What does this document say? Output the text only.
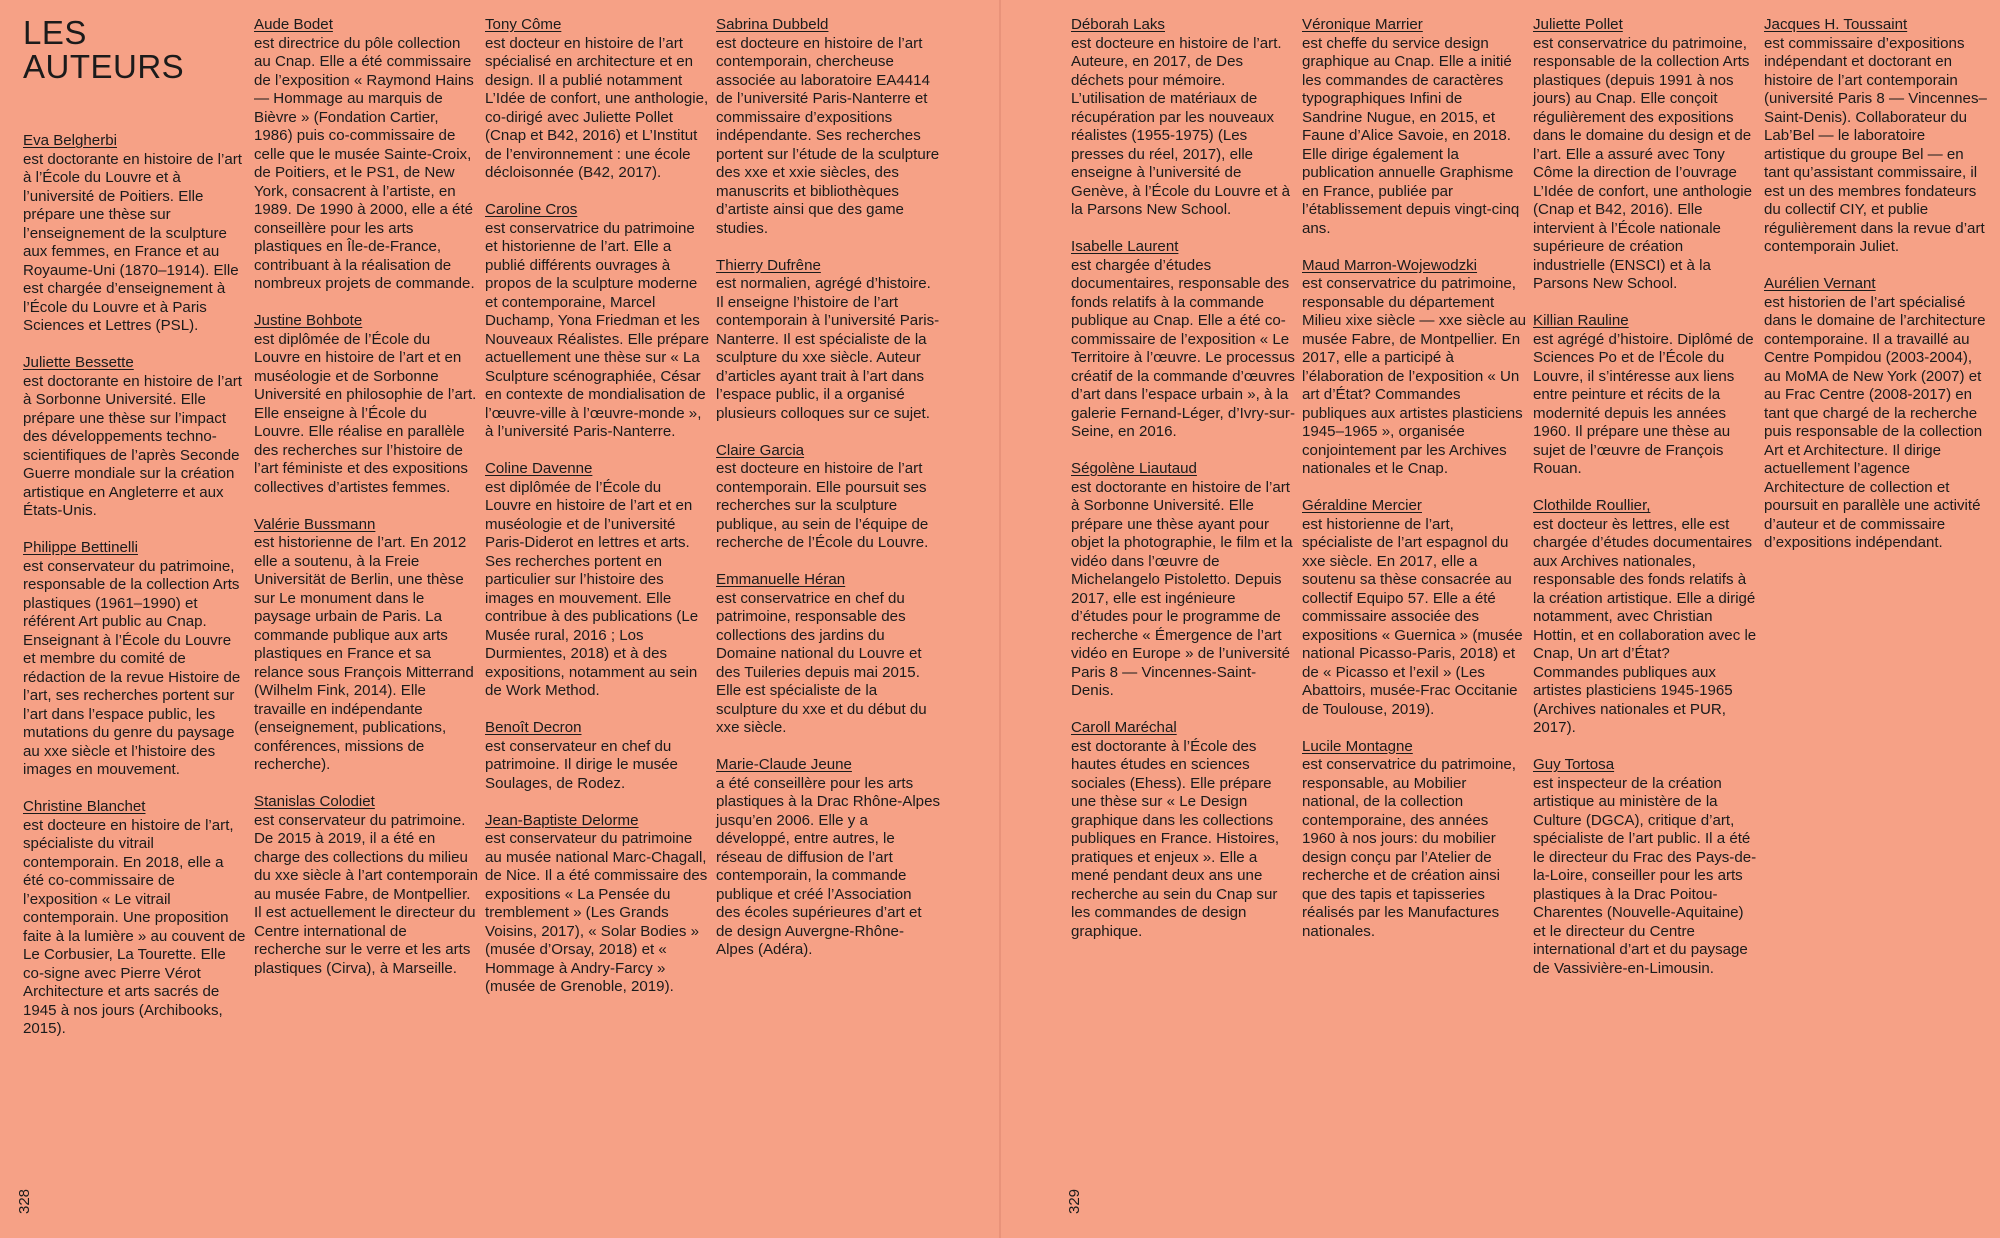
LES
AUTEURS

Eva Belgherbi
est doctorante en histoire de l’art à l’École du Louvre et à l’université de Poitiers. Elle prépare une thèse sur l’enseignement de la sculpture aux femmes, en France et au Royaume-Uni (1870–1914). Elle est chargée d’enseignement à l’École du Louvre et à Paris Sciences et Lettres (PSL).

Juliette Bessette
est doctorante en histoire de l’art à Sorbonne Université. Elle prépare une thèse sur l’impact des développements techno-scientifiques de l’après Seconde Guerre mondiale sur la création artistique en Angleterre et aux États-Unis.

Philippe Bettinelli
est conservateur du patrimoine, responsable de la collection Arts plastiques (1961–1990) et référent Art public au Cnap. Enseignant à l’École du Louvre et membre du comité de rédaction de la revue Histoire de l’art, ses recherches portent sur l’art dans l’espace public, les mutations du genre du paysage au xxe siècle et l’histoire des images en mouvement.

Christine Blanchet
est docteure en histoire de l’art, spécialiste du vitrail contemporain. En 2018, elle a été co-commissaire de l’exposition « Le vitrail contemporain. Une proposition faite à la lumière » au couvent de Le Corbusier, La Tourette. Elle co-signe avec Pierre Vérot Architecture et arts sacrés de 1945 à nos jours (Archibooks, 2015).

Aude Bodet
est directrice du pôle collection au Cnap. Elle a été commissaire de l’exposition « Raymond Hains — Hommage au marquis de Bièvre » (Fondation Cartier, 1986) puis co-commissaire de celle que le musée Sainte-Croix, de Poitiers, et le PS1, de New York, consacrent à l’artiste, en 1989. De 1990 à 2000, elle a été conseillère pour les arts plastiques en Île-de-France, contribuant à la réalisation de nombreux projets de commande.

Justine Bohbote
est diplômée de l’École du Louvre en histoire de l’art et en muséologie et de Sorbonne Université en philosophie de l’art. Elle enseigne à l’École du Louvre. Elle réalise en parallèle des recherches sur l’histoire de l’art féministe et des expositions collectives d’artistes femmes.

Valérie Bussmann
est historienne de l’art. En 2012 elle a soutenu, à la Freie Universität de Berlin, une thèse sur Le monument dans le paysage urbain de Paris. La commande publique aux arts plastiques en France et sa relance sous François Mitterrand (Wilhelm Fink, 2014). Elle travaille en indépendante (enseignement, publications, conférences, missions de recherche).

Stanislas Colodiet
est conservateur du patrimoine. De 2015 à 2019, il a été en charge des collections du milieu du xxe siècle à l’art contemporain au musée Fabre, de Montpellier. Il est actuellement le directeur du Centre international de recherche sur le verre et les arts plastiques (Cirva), à Marseille.

Tony Côme
est docteur en histoire de l’art spécialisé en architecture et en design. Il a publié notamment L’Idée de confort, une anthologie, co-dirigé avec Juliette Pollet (Cnap et B42, 2016) et L’Institut de l’environnement : une école décloisonnée (B42, 2017).

Caroline Cros
est conservatrice du patrimoine et historienne de l’art. Elle a publié différents ouvrages à propos de la sculpture moderne et contemporaine, Marcel Duchamp, Yona Friedman et les Nouveaux Réalistes. Elle prépare actuellement une thèse sur « La Sculpture scénographiée, César en contexte de mondialisation de l’œuvre-ville à l’œuvre-monde », à l’université Paris-Nanterre.

Coline Davenne
est diplômée de l’École du Louvre en histoire de l’art et en muséologie et de l’université Paris-Diderot en lettres et arts. Ses recherches portent en particulier sur l’histoire des images en mouvement. Elle contribue à des publications (Le Musée rural, 2016 ; Los Durmientes, 2018) et à des expositions, notamment au sein de Work Method.

Benoît Decron
est conservateur en chef du patrimoine. Il dirige le musée Soulages, de Rodez.

Jean-Baptiste Delorme
est conservateur du patrimoine au musée national Marc-Chagall, de Nice. Il a été commissaire des expositions « La Pensée du tremblement » (Les Grands Voisins, 2017), « Solar Bodies » (musée d’Orsay, 2018) et « Hommage à Andry-Farcy » (musée de Grenoble, 2019).

Sabrina Dubbeld
est docteure en histoire de l’art contemporain, chercheuse associée au laboratoire EA4414 de l’université Paris-Nanterre et commissaire d’expositions indépendante. Ses recherches portent sur l’étude de la sculpture des xxe et xxie siècles, des manuscrits et bibliothèques d’artiste ainsi que des game studies.

Thierry Dufrêne
est normalien, agrégé d’histoire. Il enseigne l’histoire de l’art contemporain à l’université Paris-Nanterre. Il est spécialiste de la sculpture du xxe siècle. Auteur d’articles ayant trait à l’art dans l’espace public, il a organisé plusieurs colloques sur ce sujet.

Claire Garcia
est docteure en histoire de l’art contemporain. Elle poursuit ses recherches sur la sculpture publique, au sein de l’équipe de recherche de l’École du Louvre.

Emmanuelle Héran
est conservatrice en chef du patrimoine, responsable des collections des jardins du Domaine national du Louvre et des Tuileries depuis mai 2015. Elle est spécialiste de la sculpture du xxe et du début du xxe siècle.

Marie-Claude Jeune
a été conseillère pour les arts plastiques à la Drac Rhône-Alpes jusqu’en 2006. Elle y a développé, entre autres, le réseau de diffusion de l’art contemporain, la commande publique et créé l’Association des écoles supérieures d’art et de design Auvergne-Rhône-Alpes (Adéra).

328

Déborah Laks
est docteure en histoire de l’art. Auteure, en 2017, de Des déchets pour mémoire. L’utilisation de matériaux de récupération par les nouveaux réalistes (1955-1975) (Les presses du réel, 2017), elle enseigne à l’université de Genève, à l’École du Louvre et à la Parsons New School.

Isabelle Laurent
est chargée d’études documentaires, responsable des fonds relatifs à la commande publique au Cnap. Elle a été co-commissaire de l’exposition « Le Territoire à l’œuvre. Le processus créatif de la commande d’œuvres d’art dans l’espace urbain », à la galerie Fernand-Léger, d’Ivry-sur-Seine, en 2016.

Ségolène Liautaud
est doctorante en histoire de l’art à Sorbonne Université. Elle prépare une thèse ayant pour objet la photographie, le film et la vidéo dans l’œuvre de Michelangelo Pistoletto. Depuis 2017, elle est ingénieure d’études pour le programme de recherche « Émergence de l’art vidéo en Europe » de l’université Paris 8 — Vincennes-Saint-Denis.

Caroll Maréchal
est doctorante à l’École des hautes études en sciences sociales (Ehess). Elle prépare une thèse sur « Le Design graphique dans les collections publiques en France. Histoires, pratiques et enjeux ». Elle a mené pendant deux ans une recherche au sein du Cnap sur les commandes de design graphique.

Véronique Marrier
est cheffe du service design graphique au Cnap. Elle a initié les commandes de caractères typographiques Infini de Sandrine Nugue, en 2015, et Faune d’Alice Savoie, en 2018. Elle dirige également la publication annuelle Graphisme en France, publiée par l’établissement depuis vingt-cinq ans.

Maud Marron-Wojewodzki
est conservatrice du patrimoine, responsable du département Milieu xixe siècle — xxe siècle au musée Fabre, de Montpellier. En 2017, elle a participé à l’élaboration de l’exposition « Un art d’État? Commandes publiques aux artistes plasticiens 1945–1965 », organisée conjointement par les Archives nationales et le Cnap.

Géraldine Mercier
est historienne de l’art, spécialiste de l’art espagnol du xxe siècle. En 2017, elle a soutenu sa thèse consacrée au collectif Equipo 57. Elle a été commissaire associée des expositions « Guernica » (musée national Picasso-Paris, 2018) et de « Picasso et l’exil » (Les Abattoirs, musée-Frac Occitanie de Toulouse, 2019).

Lucile Montagne
est conservatrice du patrimoine, responsable, au Mobilier national, de la collection contemporaine, des années 1960 à nos jours: du mobilier design conçu par l’Atelier de recherche et de création ainsi que des tapis et tapisseries réalisés par les Manufactures nationales.

Juliette Pollet
est conservatrice du patrimoine, responsable de la collection Arts plastiques (depuis 1991 à nos jours) au Cnap. Elle conçoit régulièrement des expositions dans le domaine du design et de l’art. Elle a assuré avec Tony Côme la direction de l’ouvrage L’Idée de confort, une anthologie (Cnap et B42, 2016). Elle intervient à l’École nationale supérieure de création industrielle (ENSCI) et à la Parsons New School.

Killian Rauline
est agrégé d’histoire. Diplômé de Sciences Po et de l’École du Louvre, il s’intéresse aux liens entre peinture et récits de la modernité depuis les années 1960. Il prépare une thèse au sujet de l’œuvre de François Rouan.

Clothilde Roullier,
est docteur ès lettres, elle est chargée d’études documentaires aux Archives nationales, responsable des fonds relatifs à la création artistique. Elle a dirigé notamment, avec Christian Hottin, et en collaboration avec le Cnap, Un art d’État? Commandes publiques aux artistes plasticiens 1945-1965 (Archives nationales et PUR, 2017).

Guy Tortosa
est inspecteur de la création artistique au ministère de la Culture (DGCA), critique d’art, spécialiste de l’art public. Il a été le directeur du Frac des Pays-de-la-Loire, conseiller pour les arts plastiques à la Drac Poitou-Charentes (Nouvelle-Aquitaine) et le directeur du Centre international d’art et du paysage de Vassivière-en-Limousin.

Jacques H. Toussaint
est commissaire d’expositions indépendant et doctorant en histoire de l’art contemporain (université Paris 8 — Vincennes–Saint-Denis). Collaborateur du Lab’Bel — le laboratoire artistique du groupe Bel — en tant qu’assistant commissaire, il est un des membres fondateurs du collectif CIY, et publie régulièrement dans la revue d’art contemporain Juliet.

Aurélien Vernant
est historien de l’art spécialisé dans le domaine de l’architecture contemporaine. Il a travaillé au Centre Pompidou (2003-2004), au MoMA de New York (2007) et au Frac Centre (2008-2017) en tant que chargé de la recherche puis responsable de la collection Art et Architecture. Il dirige actuellement l’agence Architecture de collection et poursuit en parallèle une activité d’auteur et de commissaire d’expositions indépendant.

329
